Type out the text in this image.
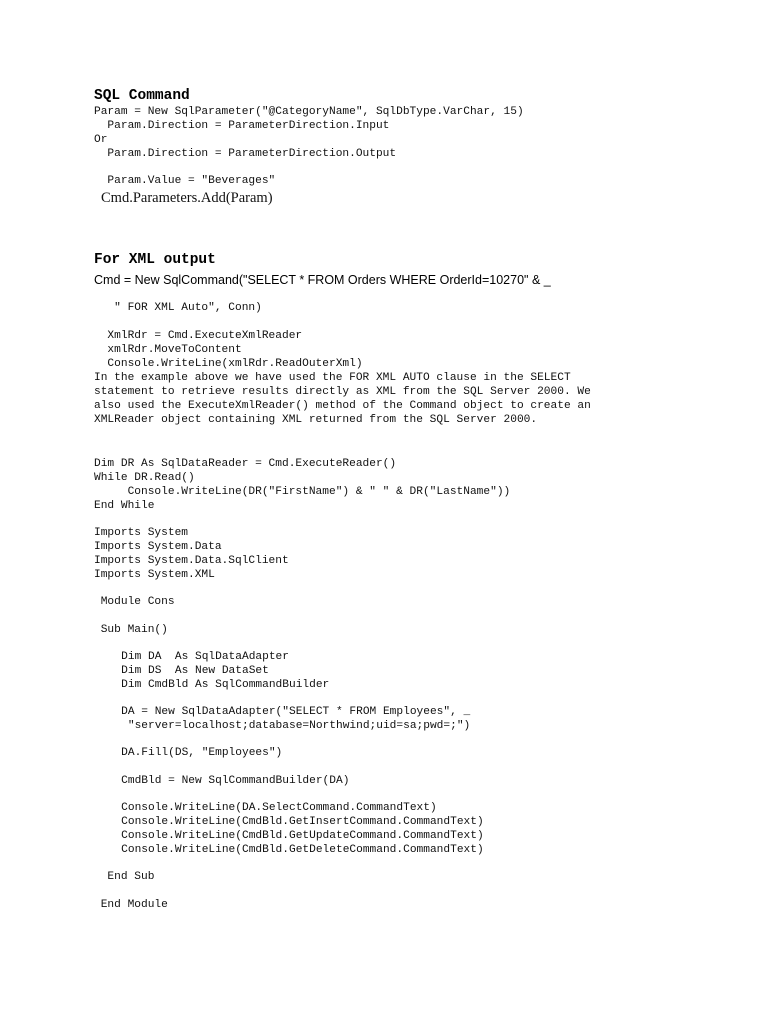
SQL Command
Param = New SqlParameter("@CategoryName", SqlDbType.VarChar, 15)
Param.Direction = ParameterDirection.Input
Or
Param.Direction = ParameterDirection.Output
Param.Value = "Beverages"
Cmd.Parameters.Add(Param)
For XML output
Cmd = New SqlCommand("SELECT * FROM Orders WHERE OrderId=10270" & _
" FOR XML Auto", Conn)
XmlRdr = Cmd.ExecuteXmlReader
xmlRdr.MoveToContent
Console.WriteLine(xmlRdr.ReadOuterXml)
In the example above we have used the FOR XML AUTO clause in the SELECT
statement to retrieve results directly as XML from the SQL Server 2000. We
also used the ExecuteXmlReader() method of the Command object to create an
XMLReader object containing XML returned from the SQL Server 2000.
Dim DR As SqlDataReader = Cmd.ExecuteReader()
While DR.Read()
Console.WriteLine(DR("FirstName") & " " & DR("LastName"))
End While
Imports System
Imports System.Data
Imports System.Data.SqlClient
Imports System.XML
Module Cons
Sub Main()
Dim DA  As SqlDataAdapter
Dim DS  As New DataSet
Dim CmdBld As SqlCommandBuilder
DA = New SqlDataAdapter("SELECT * FROM Employees", _
"server=localhost;database=Northwind;uid=sa;pwd=;")
DA.Fill(DS, "Employees")
CmdBld = New SqlCommandBuilder(DA)
Console.WriteLine(DA.SelectCommand.CommandText)
Console.WriteLine(CmdBld.GetInsertCommand.CommandText)
Console.WriteLine(CmdBld.GetUpdateCommand.CommandText)
Console.WriteLine(CmdBld.GetDeleteCommand.CommandText)
End Sub
End Module
